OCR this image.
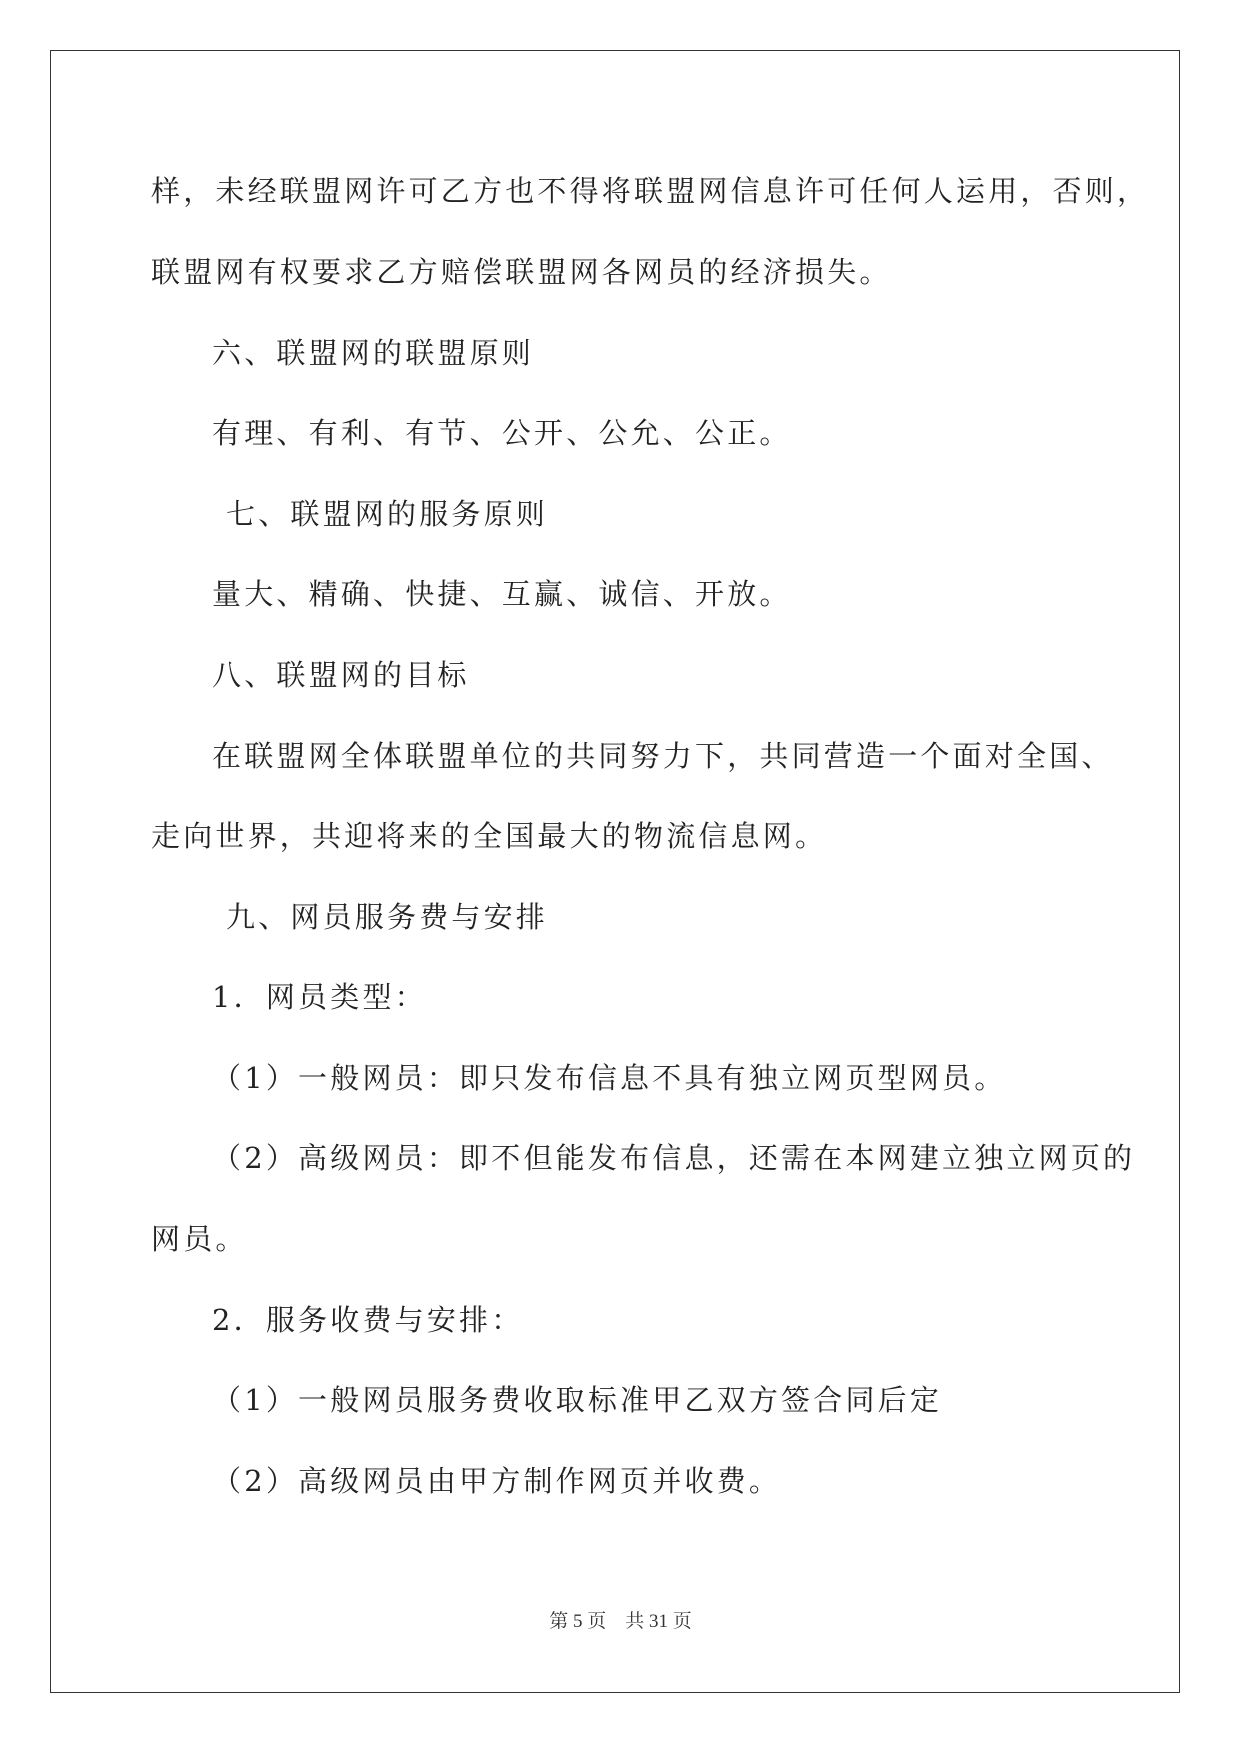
样，未经联盟网许可乙方也不得将联盟网信息许可任何人运用，否则，
联盟网有权要求乙方赔偿联盟网各网员的经济损失。
六、联盟网的联盟原则
有理、有利、有节、公开、公允、公正。
七、联盟网的服务原则
量大、精确、快捷、互赢、诚信、开放。
八、联盟网的目标
在联盟网全体联盟单位的共同努力下，共同营造一个面对全国、
走向世界，共迎将来的全国最大的物流信息网。
九、网员服务费与安排
1．网员类型：
（1）一般网员：即只发布信息不具有独立网页型网员。
（2）高级网员：即不但能发布信息，还需在本网建立独立网页的
网员。
2．服务收费与安排：
（1）一般网员服务费收取标准甲乙双方签合同后定
（2）高级网员由甲方制作网页并收费。
第 5 页    共 31 页
